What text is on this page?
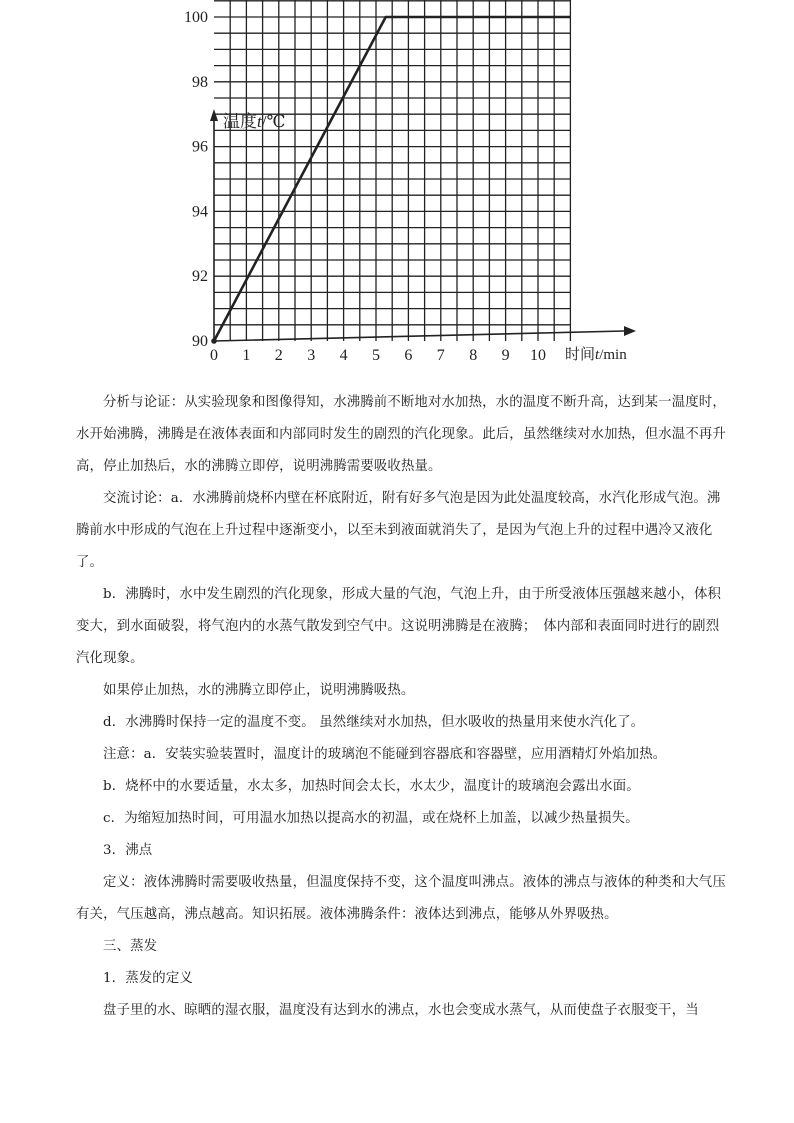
温度t/℃
时间t/min
0 1 2 3 4 5 6 7 8 9 10
90
92
94
96
98
100

分析与论证：从实验现象和图像得知，水沸腾前不断地对水加热，水的温度不断升高，达到某一温度时，水开始沸腾，沸腾是在液体表面和内部同时发生的剧烈的汽化现象。此后，虽然继续对水加热，但水温不再升高，停止加热后，水的沸腾立即停，说明沸腾需要吸收热量。

交流讨论：a．水沸腾前烧杯内壁在杯底附近，附有好多气泡是因为此处温度较高，水汽化形成气泡。沸腾前水中形成的气泡在上升过程中逐渐变小，以至未到液面就消失了，是因为气泡上升的过程中遇冷又液化了。

b．沸腾时，水中发生剧烈的汽化现象，形成大量的气泡，气泡上升，由于所受液体压强越来越小，体积变大，到水面破裂，将气泡内的水蒸气散发到空气中。这说明沸腾是在液腾；　体内部和表面同时进行的剧烈汽化现象。

如果停止加热，水的沸腾立即停止，说明沸腾吸热。

d．水沸腾时保持一定的温度不变。 虽然继续对水加热，但水吸收的热量用来使水汽化了。

注意：a．安装实验装置时，温度计的玻璃泡不能碰到容器底和容器壁，应用酒精灯外焰加热。

b．烧杯中的水要适量，水太多，加热时间会太长，水太少，温度计的玻璃泡会露出水面。

c．为缩短加热时间，可用温水加热以提高水的初温，或在烧杯上加盖，以减少热量损失。

3．沸点

定义：液体沸腾时需要吸收热量，但温度保持不变，这个温度叫沸点。液体的沸点与液体的种类和大气压有关，气压越高，沸点越高。知识拓展。液体沸腾条件：液体达到沸点，能够从外界吸热。

三、蒸发

1．蒸发的定义

盘子里的水、晾晒的湿衣服，温度没有达到水的沸点，水也会变成水蒸气，从而使盘子衣服变干，当
